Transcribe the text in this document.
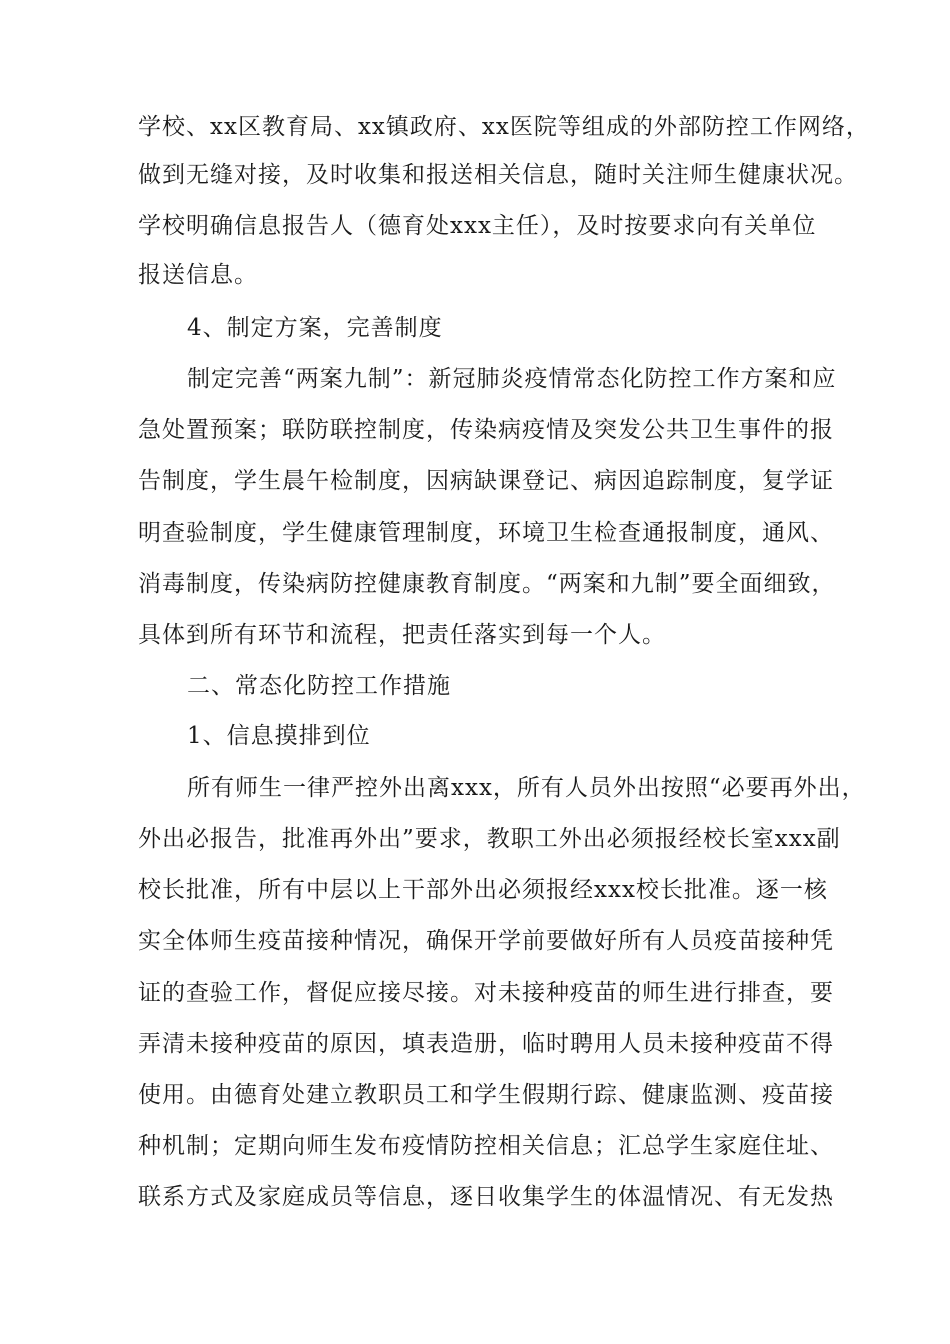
学校、xx区教育局、xx镇政府、xx医院等组成的外部防控工作网络，
做到无缝对接，及时收集和报送相关信息，随时关注师生健康状况。
学校明确信息报告人（德育处xxx主任），及时按要求向有关单位
报送信息。
4、制定方案，完善制度
制定完善“两案九制”：新冠肺炎疫情常态化防控工作方案和应
急处置预案；联防联控制度，传染病疫情及突发公共卫生事件的报
告制度，学生晨午检制度，因病缺课登记、病因追踪制度，复学证
明查验制度，学生健康管理制度，环境卫生检查通报制度，通风、
消毒制度，传染病防控健康教育制度。“两案和九制”要全面细致，
具体到所有环节和流程，把责任落实到每一个人。
二、常态化防控工作措施
1、信息摸排到位
所有师生一律严控外出离xxx，所有人员外出按照“必要再外出，
外出必报告，批准再外出”要求，教职工外出必须报经校长室xxx副
校长批准，所有中层以上干部外出必须报经xxx校长批准。逐一核
实全体师生疫苗接种情况，确保开学前要做好所有人员疫苗接种凭
证的查验工作，督促应接尽接。对未接种疫苗的师生进行排查，要
弄清未接种疫苗的原因，填表造册，临时聘用人员未接种疫苗不得
使用。由德育处建立教职员工和学生假期行踪、健康监测、疫苗接
种机制；定期向师生发布疫情防控相关信息；汇总学生家庭住址、
联系方式及家庭成员等信息，逐日收集学生的体温情况、有无发热
